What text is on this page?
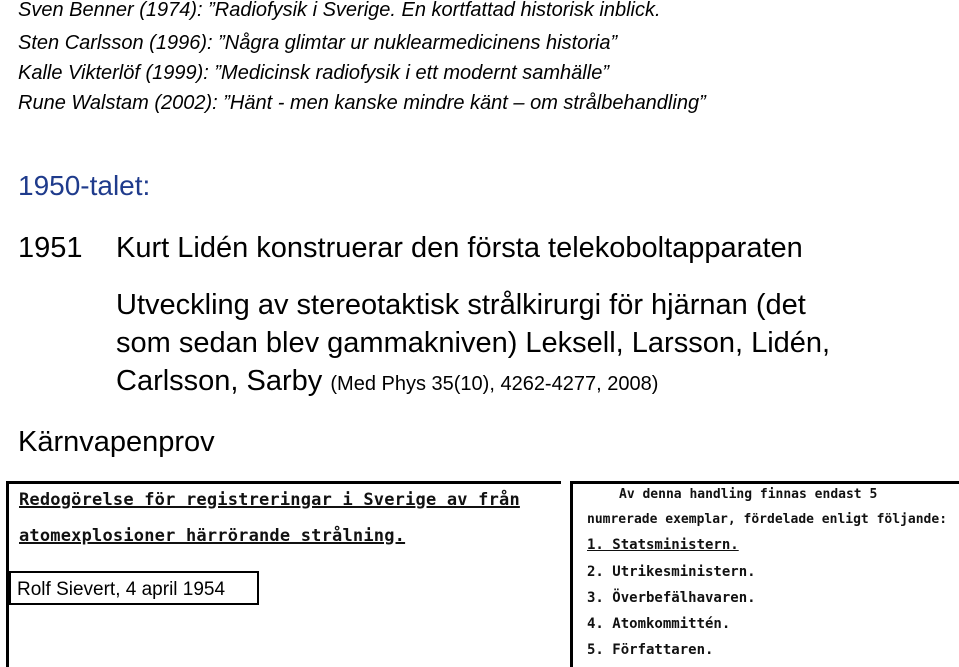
Sven Benner (1974): ”Radiofysik i Sverige. En kortfattad historisk inblick.

Sten Carlsson (1996): ”Några glimtar ur nuklearmedicinens historia”

Kalle Vikterlöf (1999): ”Medicinsk radiofysik i ett modernt samhälle”

Rune Walstam (2002): ”Hänt - men kanske mindre känt – om strålbehandling”

1950-talet:
1951 Kurt Lidén konstruerar den första telekoboltapparaten
Utveckling av stereotaktisk strålkirurgi för hjärnan (det
som sedan blev gammakniven) Leksell, Larsson, Lidén,
Carlsson, Sarby (Med Phys 35(10), 4262-4277, 2008)
Kärnvapenprov
Redogörelse för registreringar i Sverige av från
atomexplosioner härrörande strålning.
Rolf Sievert, 4 april 1954
Av denna handling finnas endast 5
numrerade exemplar, fördelade enligt följande:
1. Statsministern.
2. Utrikesministern.
3. Överbefälhavaren.
4. Atomkommittén.
5. Författaren.
